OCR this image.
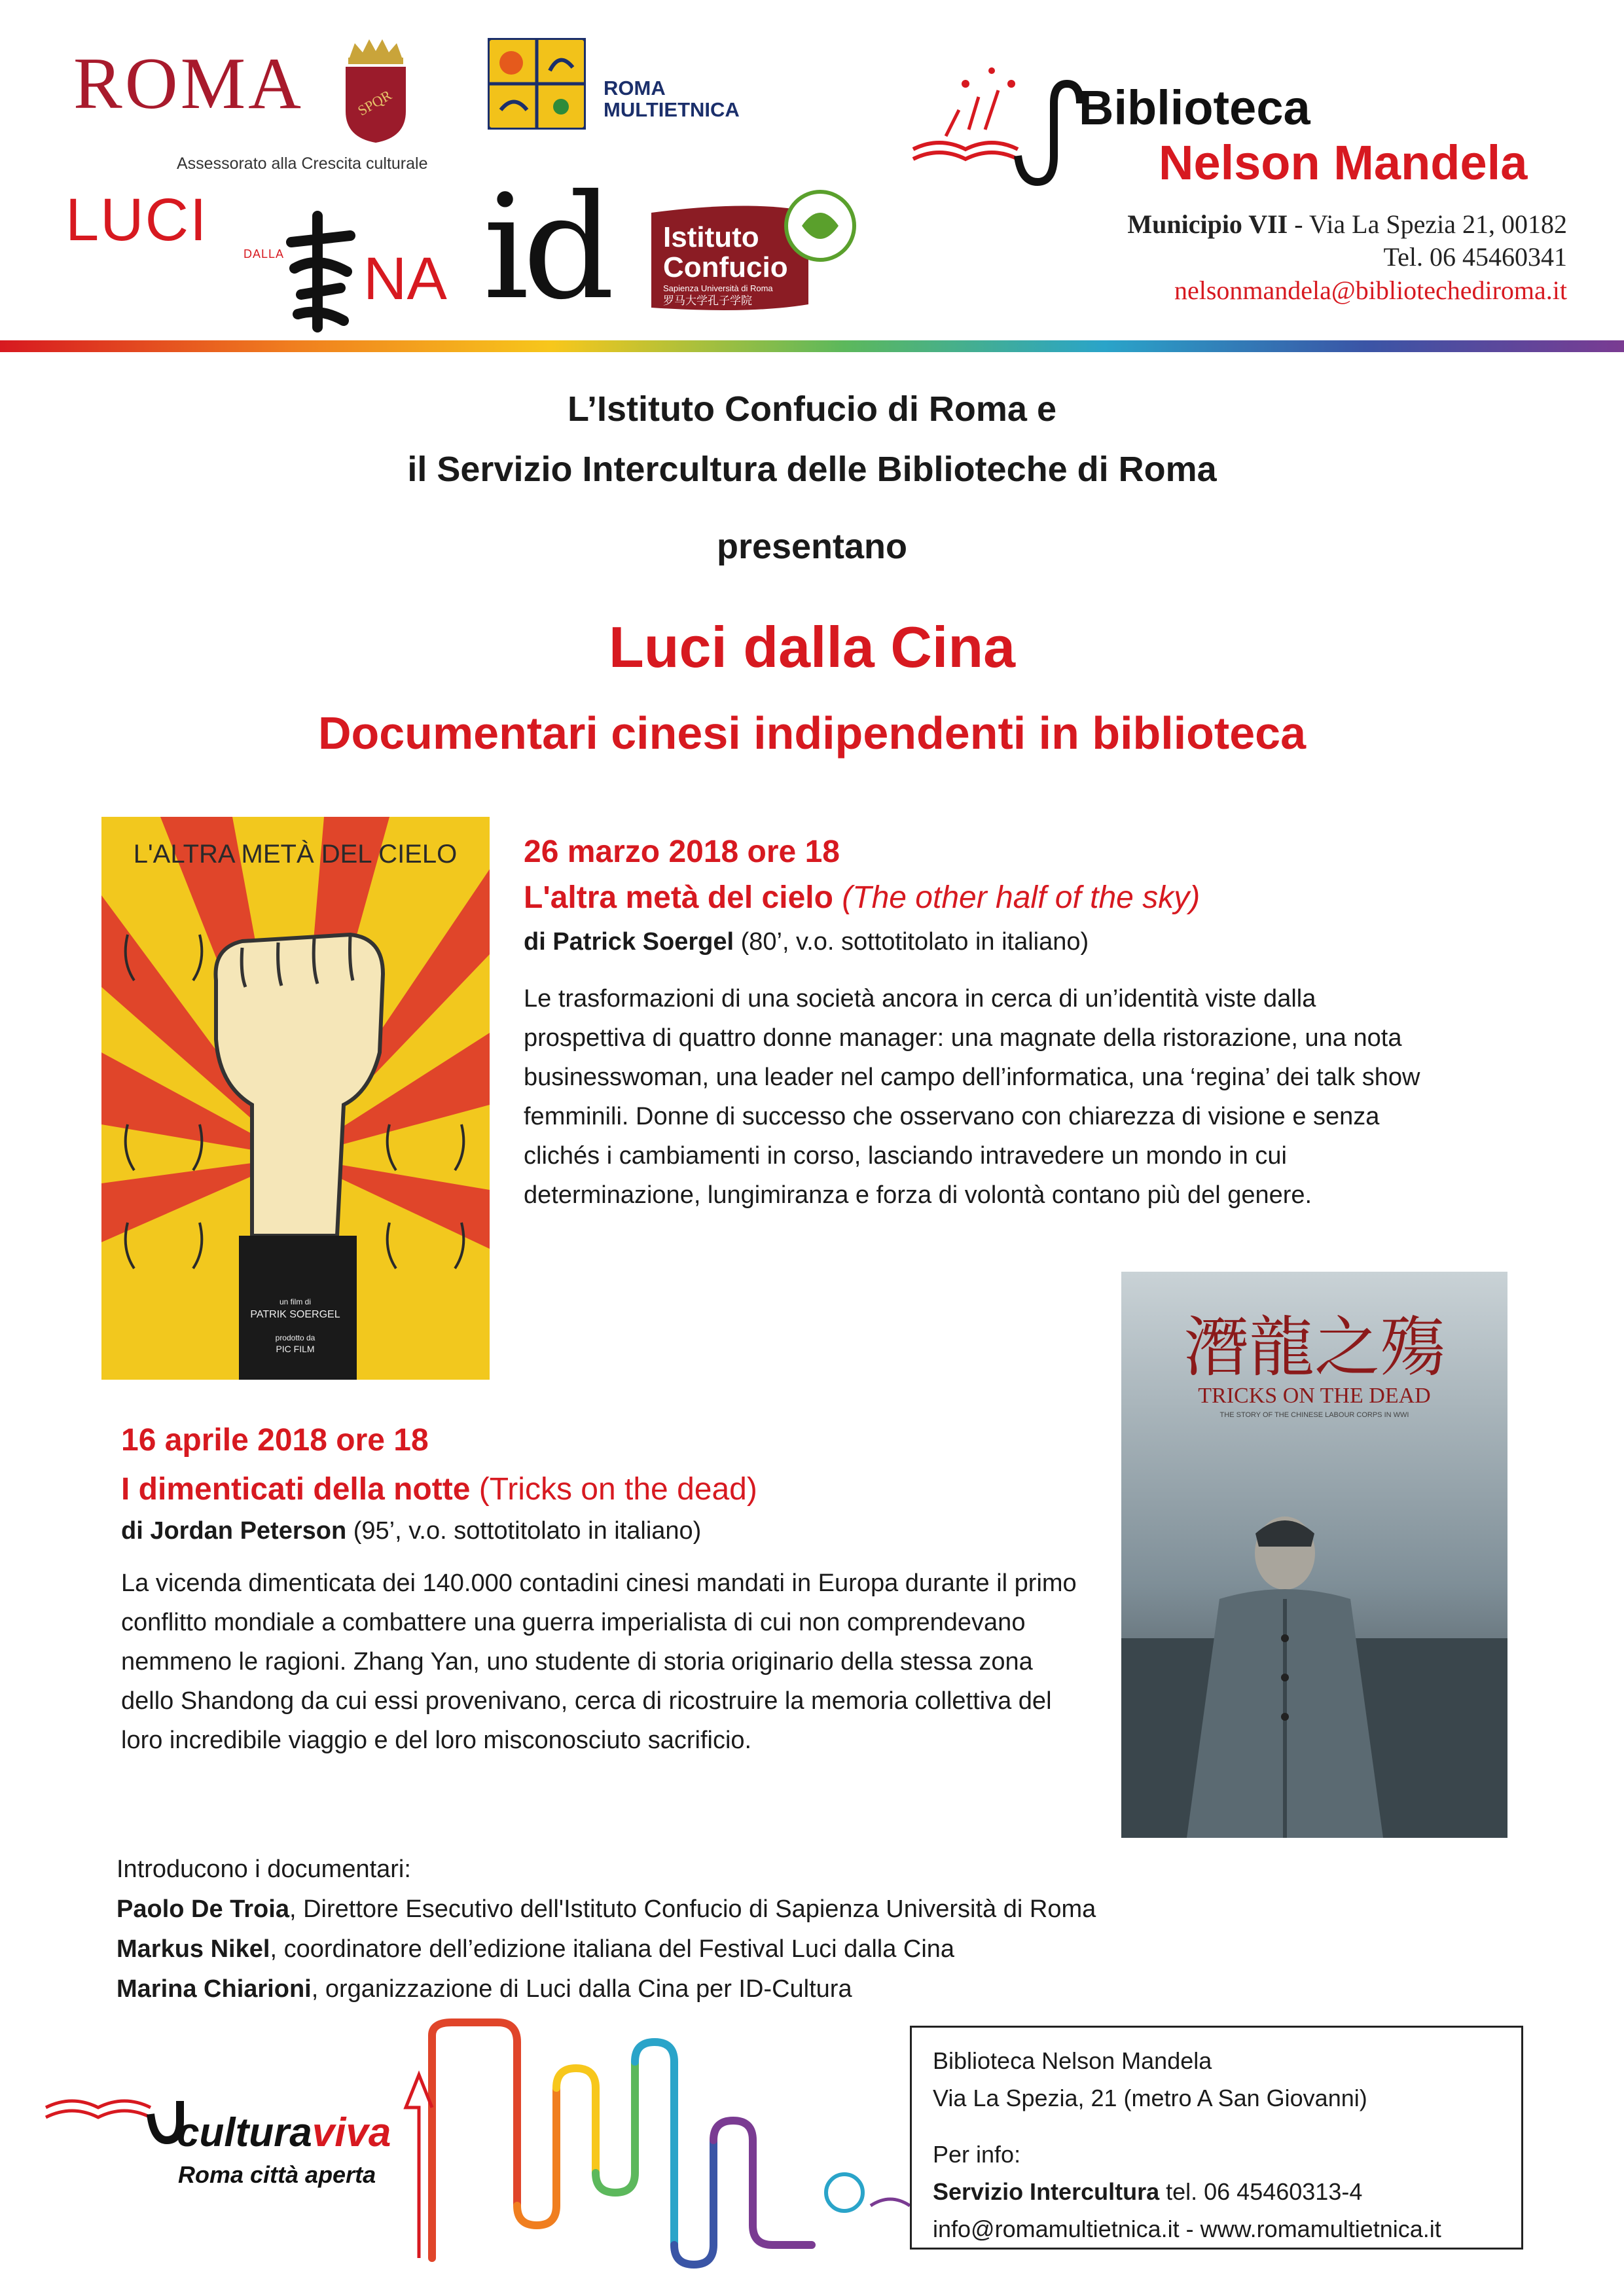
ROMA	SPQR	ROMA
MULTIETNICA
Assessorato alla Crescita culturale
LUCI
DALLA NA id Istituto
Confucio
Sapienza Università di Roma
罗马大学孔子学院
Biblioteca
Nelson Mandela
Municipio VII - Via La Spezia 21, 00182
Tel. 06 45460341
nelsonmandela@bibliotechediroma.it
L’Istituto Confucio di Roma e
il Servizio Intercultura delle Biblioteche di Roma
presentano
Luci dalla Cina
Documentari cinesi indipendenti in biblioteca
L'ALTRA METÀ DEL CIELO
un film di
PATRIK SOERGEL
prodotto da
PIC FILM
26 marzo 2018 ore 18
L'altra metà del cielo (The other half of the sky)
di Patrick Soergel (80’, v.o. sottotitolato in italiano)

Le trasformazioni di una società ancora in cerca di un’identità viste dalla prospettiva di quattro donne manager: una magnate della ristorazione, una nota businesswoman, una leader nel campo dell’informatica, una ‘regina’ dei talk show femminili. Donne di successo che osservano con chiarezza di visione e senza clichés i cambiamenti in corso, lasciando intravedere un mondo in cui determinazione, lungimiranza e forza di volontà contano più del genere.

潛龍之殤
TRICKS ON THE DEAD
THE STORY OF THE CHINESE LABOUR CORPS IN WWI
16 aprile 2018 ore 18
I dimenticati della notte (Tricks on the dead)
di Jordan Peterson (95’, v.o. sottotitolato in italiano)

La vicenda dimenticata dei 140.000 contadini cinesi mandati in Europa durante il primo conflitto mondiale a combattere una guerra imperialista di cui non comprendevano nemmeno le ragioni. Zhang Yan, uno studente di storia originario della stessa zona dello Shandong da cui essi provenivano, cerca di ricostruire la memoria collettiva del loro incredibile viaggio e del loro misconosciuto sacrificio.

Introducono i documentari:

Paolo De Troia, Direttore Esecutivo dell'Istituto Confucio di Sapienza Università di Roma

Markus Nikel, coordinatore dell’edizione italiana del Festival Luci dalla Cina

Marina Chiarioni, organizzazione di Luci dalla Cina per ID-Cultura

culturaviva
Roma città aperta

Biblioteca Nelson Mandela

Via La Spezia, 21 (metro A San Giovanni)

Per info:

Servizio Intercultura tel. 06 45460313-4

info@romamultietnica.it - www.romamultietnica.it
